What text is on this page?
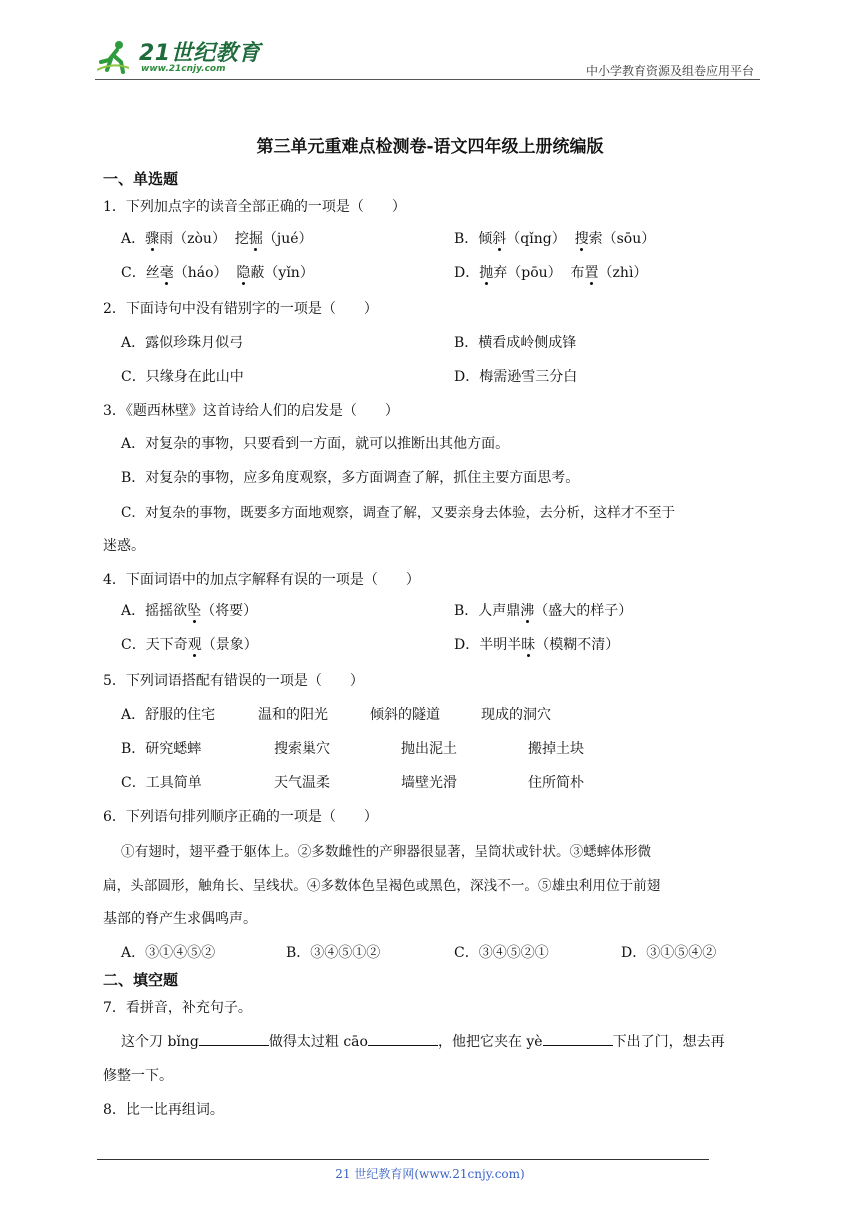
21世纪教育
www.21cnjy.com	中小学教育资源及组卷应用平台
第三单元重难点检测卷-语文四年级上册统编版
一、单选题
1．下列加点字的读音全部正确的一项是（　　）
A．骤雨（zòu）  挖掘（jué）	B．倾斜（qǐng）  搜索（sōu）
C．丝毫（háo）  隐蔽（yǐn）	D．抛弃（pōu）  布置（zhì）
2．下面诗句中没有错别字的一项是（　　）
A．露似珍珠月似弓	B．横看成岭侧成锋
C．只缘身在此山中	D．梅需逊雪三分白
3．《题西林壁》这首诗给人们的启发是（　　）
A．对复杂的事物，只要看到一方面，就可以推断出其他方面。
B．对复杂的事物，应多角度观察，多方面调查了解，抓住主要方面思考。
C．对复杂的事物，既要多方面地观察，调查了解，又要亲身去体验，去分析，这样才不至于
迷惑。
4．下面词语中的加点字解释有误的一项是（　　）
A．摇摇欲坠（将要）	B．人声鼎沸（盛大的样子）
C．天下奇观（景象）	D．半明半昧（模糊不清）
5．下列词语搭配有错误的一项是（　　）
A．舒服的住宅	温和的阳光	倾斜的隧道	现成的洞穴
B．研究蟋蟀	搜索巢穴	抛出泥土	搬掉土块
C．工具简单	天气温柔	墙壁光滑	住所简朴
6．下列语句排列顺序正确的一项是（　　）
①有翅时，翅平叠于躯体上。②多数雌性的产卵器很显著，呈筒状或针状。③蟋蟀体形微
扁，头部圆形，触角长、呈线状。④多数体色呈褐色或黑色，深浅不一。⑤雄虫利用位于前翅
基部的脊产生求偶鸣声。
A．③①④⑤②	B．③④⑤①②	C．③④⑤②①	D．③①⑤④②
二、填空题
7．看拼音，补充句子。
这个刀 bǐng	做得太过粗 cāo	，他把它夹在 yè	下出了门，想去再
修整一下。
8．比一比再组词。
21 世纪教育网(www.21cnjy.com)
